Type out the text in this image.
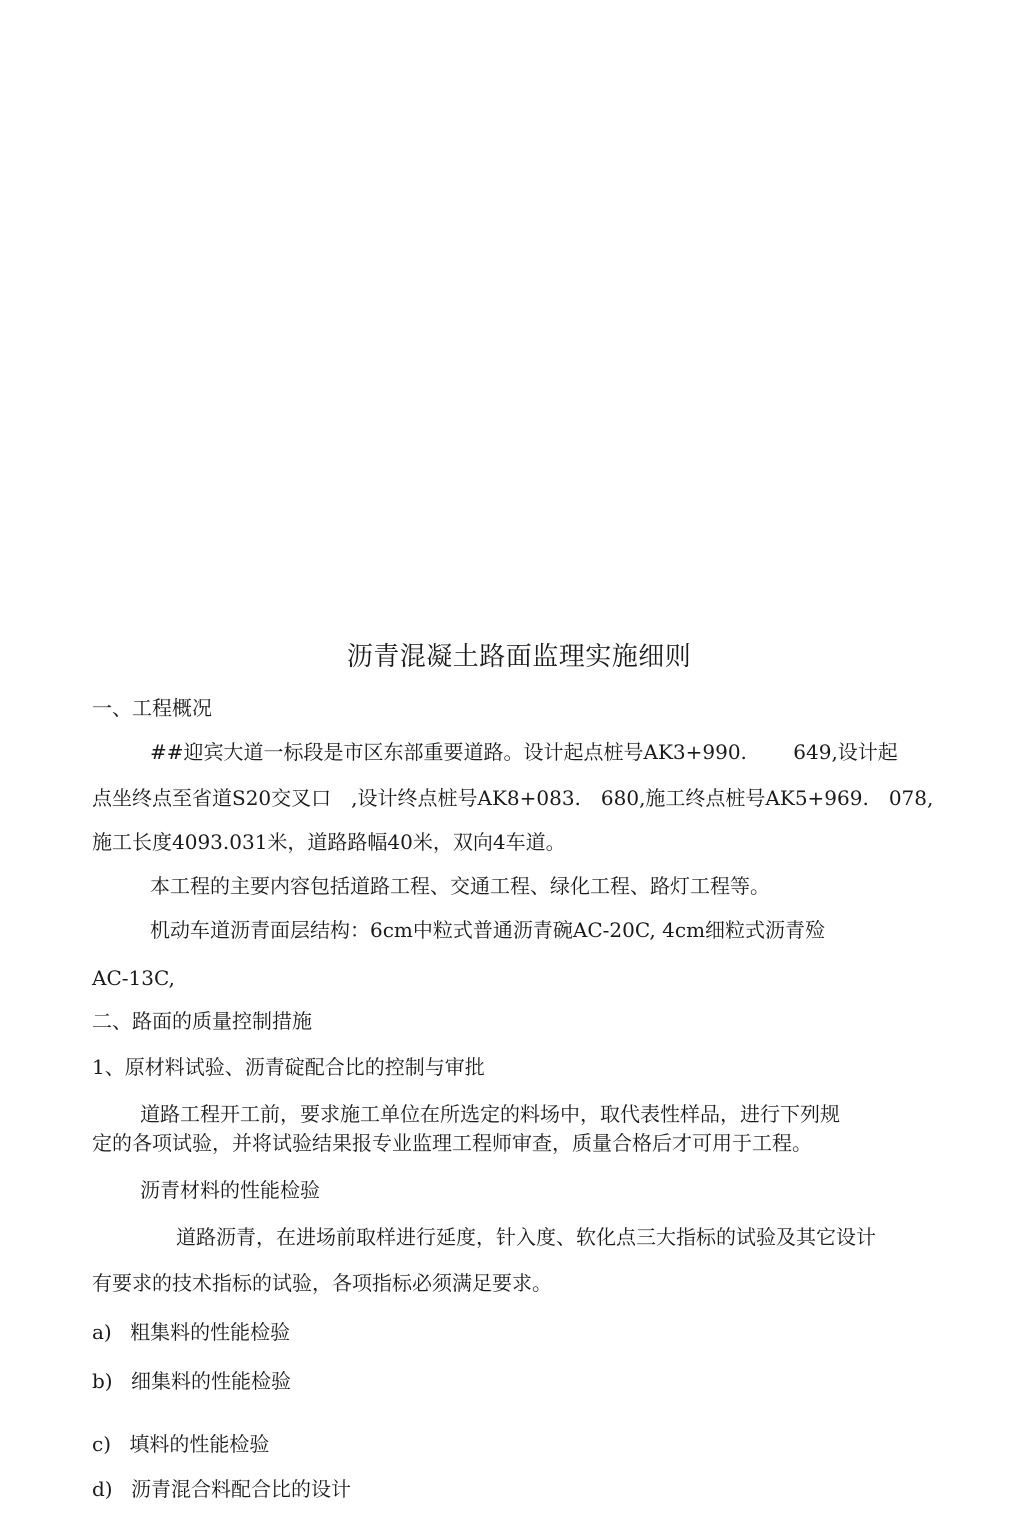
沥青混凝土路面监理实施细则
一、工程概况
##迎宾大道一标段是市区东部重要道路。设计起点桩号AK3+990.　　 649,设计起
点坐终点至省道S20交叉口　,设计终点桩号AK8+083.　680,施工终点桩号AK5+969.　078,
施工长度4093.031米，道路路幅40米，双向4车道。
本工程的主要内容包括道路工程、交通工程、绿化工程、路灯工程等。
机动车道沥青面层结构：6cm中粒式普通沥青碗AC-20C, 4cm细粒式沥青殓
AC-13C,
二、路面的质量控制措施
1、原材料试验、沥青碇配合比的控制与审批
道路工程开工前，要求施工单位在所选定的料场中，取代表性样品，进行下列规
定的各项试验，并将试验结果报专业监理工程师审查，质量合格后才可用于工程。
沥青材料的性能检验
道路沥青，在进场前取样进行延度，针入度、软化点三大指标的试验及其它设计
有要求的技术指标的试验，各项指标必须满足要求。
a) 粗集料的性能检验
b) 细集料的性能检验
c) 填料的性能检验
d) 沥青混合料配合比的设计
